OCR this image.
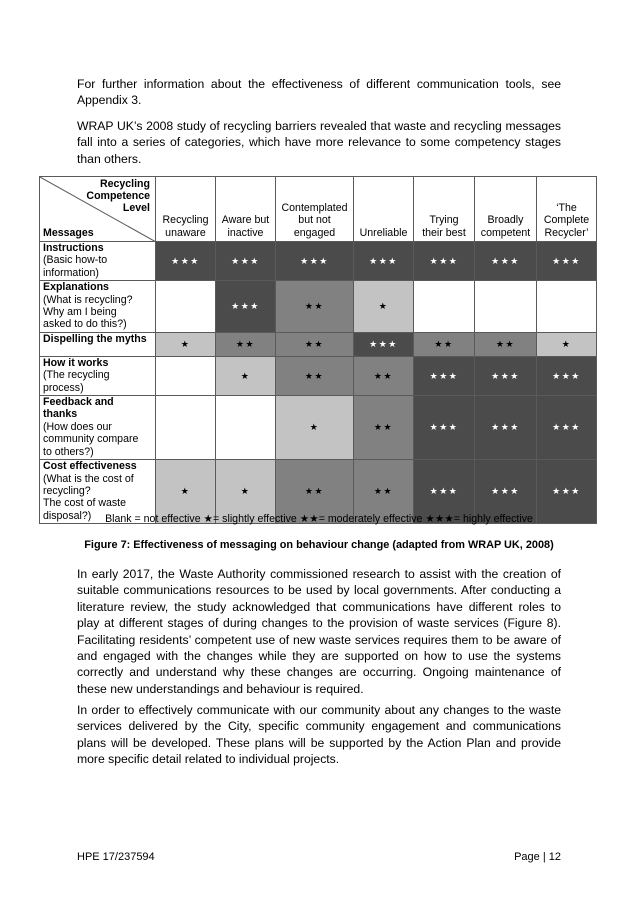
For further information about the effectiveness of different communication tools, see Appendix 3.

WRAP UK’s 2008 study of recycling barriers revealed that waste and recycling messages fall into a series of categories, which have more relevance to some competency stages than others.

Recycling
Competence
Level
Messages	Recycling
unaware	Aware but
inactive	Contemplated
but not
engaged	Unreliable	Trying
their best	Broadly
competent	‘The
Complete
Recycler’

Instructions
(Basic how-to
information)	★★★	★★★	★★★	★★★	★★★	★★★	★★★

Explanations
(What is recycling?
Why am I being
asked to do this?)		★★★	★★	★			

Dispelling the myths	★	★★	★★	★★★	★★	★★	★

How it works
(The recycling
process)		★	★★	★★	★★★	★★★	★★★

Feedback and
thanks
(How does our
community compare
to others?)			★	★★	★★★	★★★	★★★

Cost effectiveness
(What is the cost of
recycling?
The cost of waste
disposal?)	★	★	★★	★★	★★★	★★★	★★★
Blank = not effective ★= slightly effective ★★= moderately effective ★★★= highly effective
Figure 7: Effectiveness of messaging on behaviour change (adapted from WRAP UK, 2008)

In early 2017, the Waste Authority commissioned research to assist with the creation of suitable communications resources to be used by local governments. After conducting a literature review, the study acknowledged that communications have different roles to play at different stages of during changes to the provision of waste services (Figure 8). Facilitating residents’ competent use of new waste services requires them to be aware of and engaged with the changes while they are supported on how to use the systems correctly and understand why these changes are occurring. Ongoing maintenance of these new understandings and behaviour is required.

In order to effectively communicate with our community about any changes to the waste services delivered by the City, specific community engagement and communications plans will be developed. These plans will be supported by the Action Plan and provide more specific detail related to individual projects.

HPE 17/237594	Page | 12
